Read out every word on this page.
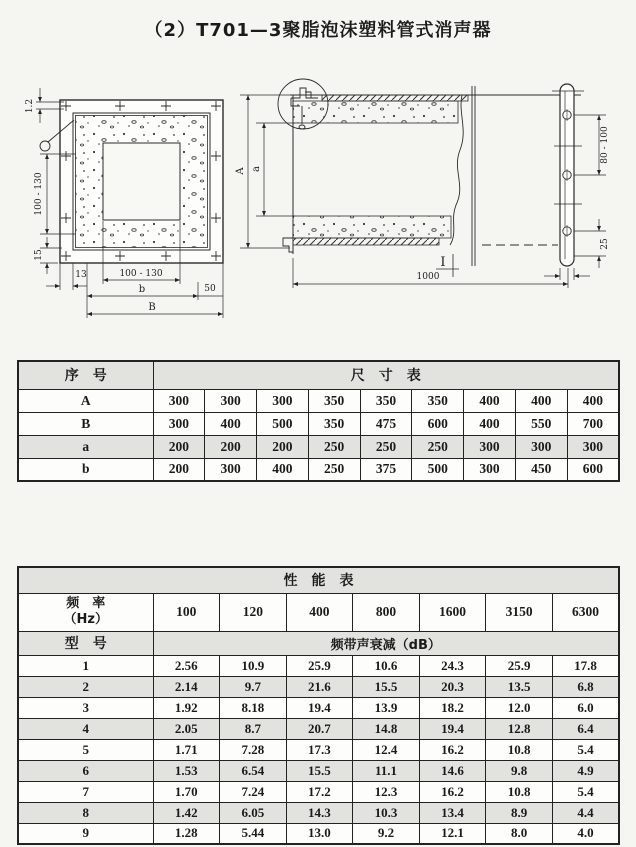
（2）T701—3聚脂泡沫塑料管式消声器
1.2
100 - 130
15
13	100 - 130
b	50
B
A a
1000
I
80 - 100
25
序　号	尺　寸　表								
A	300	300	300	350	350	350	400	400	400
B	300	400	500	350	475	600	400	550	700
a	200	200	200	250	250	250	300	300	300
b	200	300	400	250	375	500	300	450	600
性　能　表							

频　率
（Hz）	100	120	400	800	1600	3150	6300
型　号	频带声衰减（dB）						
1	2.56	10.9	25.9	10.6	24.3	25.9	17.8
2	2.14	9.7	21.6	15.5	20.3	13.5	6.8
3	1.92	8.18	19.4	13.9	18.2	12.0	6.0
4	2.05	8.7	20.7	14.8	19.4	12.8	6.4
5	1.71	7.28	17.3	12.4	16.2	10.8	5.4
6	1.53	6.54	15.5	11.1	14.6	9.8	4.9
7	1.70	7.24	17.2	12.3	16.2	10.8	5.4
8	1.42	6.05	14.3	10.3	13.4	8.9	4.4
9	1.28	5.44	13.0	9.2	12.1	8.0	4.0
